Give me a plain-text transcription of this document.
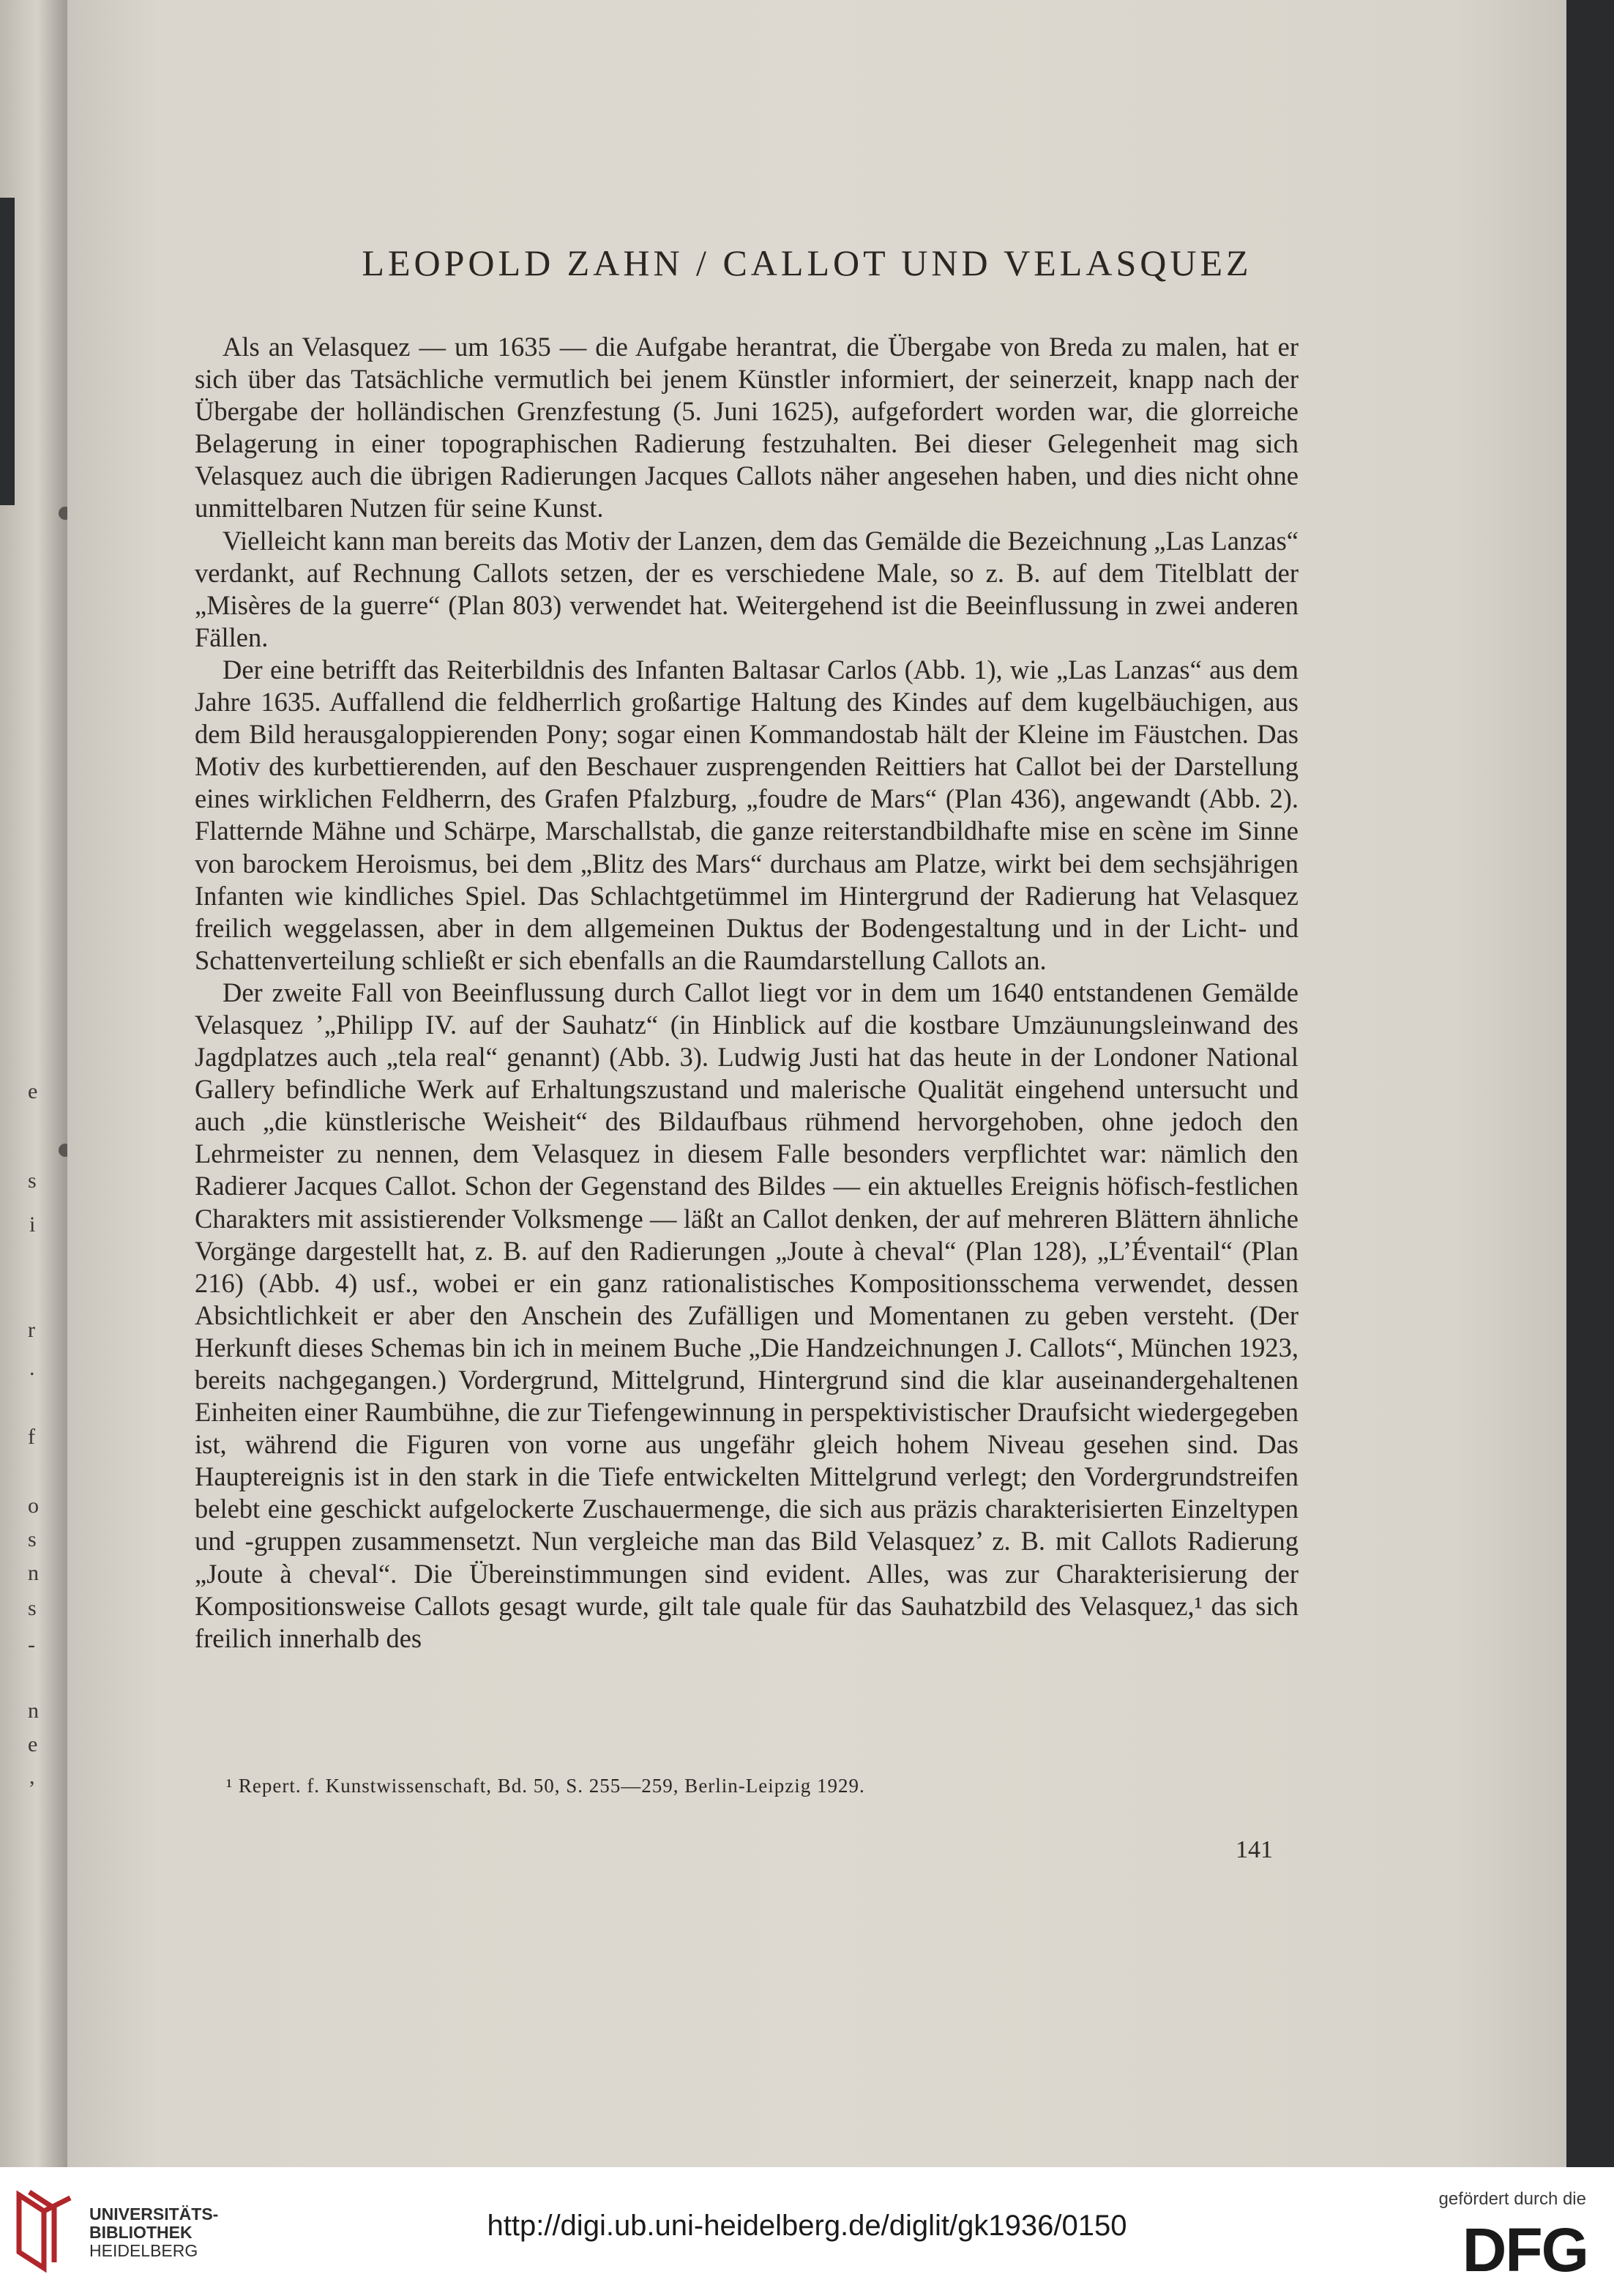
e
s
i
r
.
f
o
s
n
s
-
n
e
,
LEOPOLD ZAHN / CALLOT UND VELASQUEZ

Als an Velasquez — um 1635 — die Aufgabe herantrat, die Übergabe von Breda zu malen, hat er sich über das Tatsächliche vermutlich bei jenem Künstler informiert, der seinerzeit, knapp nach der Übergabe der holländischen Grenzfestung (5. Juni 1625), aufgefordert worden war, die glorreiche Belagerung in einer topographischen Radierung festzuhalten. Bei dieser Gelegenheit mag sich Velasquez auch die übrigen Radierungen Jacques Callots näher angesehen haben, und dies nicht ohne unmittelbaren Nutzen für seine Kunst.

Vielleicht kann man bereits das Motiv der Lanzen, dem das Gemälde die Bezeichnung „Las Lanzas“ verdankt, auf Rechnung Callots setzen, der es verschiedene Male, so z. B. auf dem Titelblatt der „Misères de la guerre“ (Plan 803) verwendet hat. Weitergehend ist die Beeinflussung in zwei anderen Fällen.

Der eine betrifft das Reiterbildnis des Infanten Baltasar Carlos (Abb. 1), wie „Las Lanzas“ aus dem Jahre 1635. Auffallend die feldherrlich großartige Haltung des Kindes auf dem kugelbäuchigen, aus dem Bild herausgaloppierenden Pony; sogar einen Kommandostab hält der Kleine im Fäustchen. Das Motiv des kurbettierenden, auf den Beschauer zusprengenden Reittiers hat Callot bei der Darstellung eines wirklichen Feldherrn, des Grafen Pfalzburg, „foudre de Mars“ (Plan 436), angewandt (Abb. 2). Flatternde Mähne und Schärpe, Marschallstab, die ganze reiterstandbildhafte mise en scène im Sinne von barockem Heroismus, bei dem „Blitz des Mars“ durchaus am Platze, wirkt bei dem sechsjährigen Infanten wie kindliches Spiel. Das Schlachtgetümmel im Hintergrund der Radierung hat Velasquez freilich weggelassen, aber in dem allgemeinen Duktus der Bodengestaltung und in der Licht- und Schattenverteilung schließt er sich ebenfalls an die Raumdarstellung Callots an.

Der zweite Fall von Beeinflussung durch Callot liegt vor in dem um 1640 entstandenen Gemälde Velasquez ’„Philipp IV. auf der Sauhatz“ (in Hinblick auf die kostbare Umzäunungsleinwand des Jagdplatzes auch „tela real“ genannt) (Abb. 3). Ludwig Justi hat das heute in der Londoner National Gallery befindliche Werk auf Erhaltungszustand und malerische Qualität eingehend untersucht und auch „die künstlerische Weisheit“ des Bildaufbaus rühmend hervorgehoben, ohne jedoch den Lehrmeister zu nennen, dem Velasquez in diesem Falle besonders verpflichtet war: nämlich den Radierer Jacques Callot. Schon der Gegenstand des Bildes — ein aktuelles Ereignis höfisch-festlichen Charakters mit assistierender Volksmenge — läßt an Callot denken, der auf mehreren Blättern ähnliche Vorgänge dargestellt hat, z. B. auf den Radierungen „Joute à cheval“ (Plan 128), „L’Éventail“ (Plan 216) (Abb. 4) usf., wobei er ein ganz rationalistisches Kompositionsschema verwendet, dessen Absichtlichkeit er aber den Anschein des Zufälligen und Momentanen zu geben versteht. (Der Herkunft dieses Schemas bin ich in meinem Buche „Die Handzeichnungen J. Callots“, München 1923, bereits nachgegangen.) Vordergrund, Mittelgrund, Hintergrund sind die klar auseinandergehaltenen Einheiten einer Raumbühne, die zur Tiefengewinnung in perspektivistischer Draufsicht wiedergegeben ist, während die Figuren von vorne aus ungefähr gleich hohem Niveau gesehen sind. Das Hauptereignis ist in den stark in die Tiefe entwickelten Mittelgrund verlegt; den Vordergrundstreifen belebt eine geschickt aufgelockerte Zuschauermenge, die sich aus präzis charakterisierten Einzeltypen und -gruppen zusammensetzt. Nun vergleiche man das Bild Velasquez’ z. B. mit Callots Radierung „Joute à cheval“. Die Übereinstimmungen sind evident. Alles, was zur Charakterisierung der Kompositionsweise Callots gesagt wurde, gilt tale quale für das Sauhatzbild des Velasquez,¹ das sich freilich innerhalb des

¹ Repert. f. Kunstwissenschaft, Bd. 50, S. 255—259, Berlin-Leipzig 1929.
141
UNIVERSITÄTS-
BIBLIOTHEK
HEIDELBERG
http://digi.ub.uni-heidelberg.de/diglit/gk1936/0150
gefördert durch die
DFG
